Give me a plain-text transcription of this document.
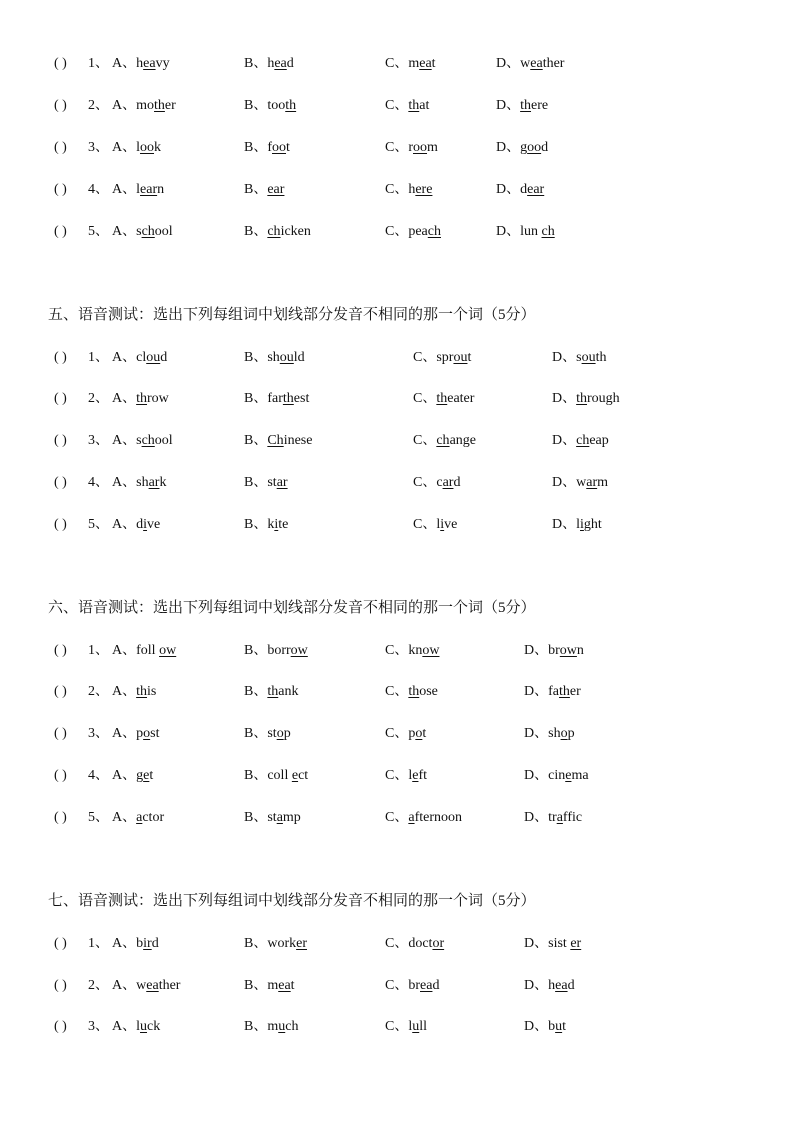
( ) 1、 A、heavy	B、head	C、meat	D、weather
( ) 2、 A、mother	B、tooth	C、that	D、there
( ) 3、 A、look	B、foot	C、room	D、good
( ) 4、 A、learn	B、ear	C、here	D、dear
( ) 5、 A、school	B、chicken	C、peach	D、lun ch
五、语音测试：选出下列每组词中划线部分发音不相同的那一个词（5分）
( ) 1、 A、cloud	B、should	C、sprout	D、south
( ) 2、 A、throw	B、farthest	C、theater	D、through
( ) 3、 A、school	B、Chinese	C、change	D、cheap
( ) 4、 A、shark	B、star	C、card	D、warm
( ) 5、 A、dive	B、kite	C、live	D、light
六、语音测试：选出下列每组词中划线部分发音不相同的那一个词（5分）
( ) 1、 A、foll ow	B、borrow	C、know	D、brown
( ) 2、 A、this	B、thank	C、those	D、father
( ) 3、 A、post	B、stop	C、pot	D、shop
( ) 4、 A、get	B、coll ect	C、left	D、cinema
( ) 5、 A、actor	B、stamp	C、afternoon	D、traffic
七、语音测试：选出下列每组词中划线部分发音不相同的那一个词（5分）
( ) 1、 A、bird	B、worker	C、doctor	D、sist er
( ) 2、 A、weather	B、meat	C、bread	D、head
( ) 3、 A、luck	B、much	C、lull	D、but
